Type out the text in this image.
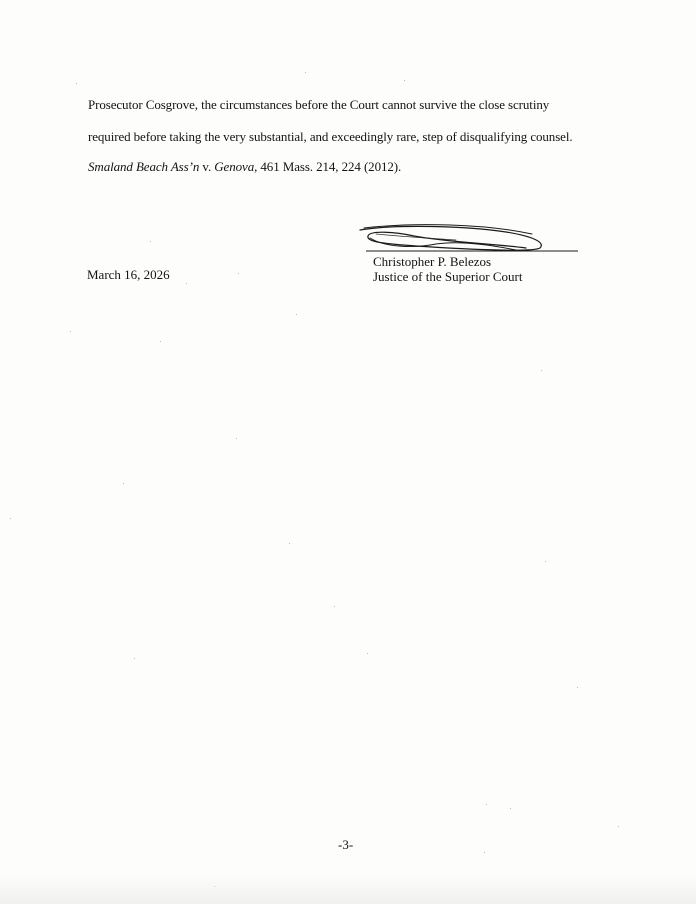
Prosecutor Cosgrove, the circumstances before the Court cannot survive the close scrutiny
required before taking the very substantial, and exceedingly rare, step of disqualifying counsel.
Smaland Beach Ass’n v. Genova, 461 Mass. 214, 224 (2012).
March 16, 2026
Christopher P. Belezos
Justice of the Superior Court
-3-
